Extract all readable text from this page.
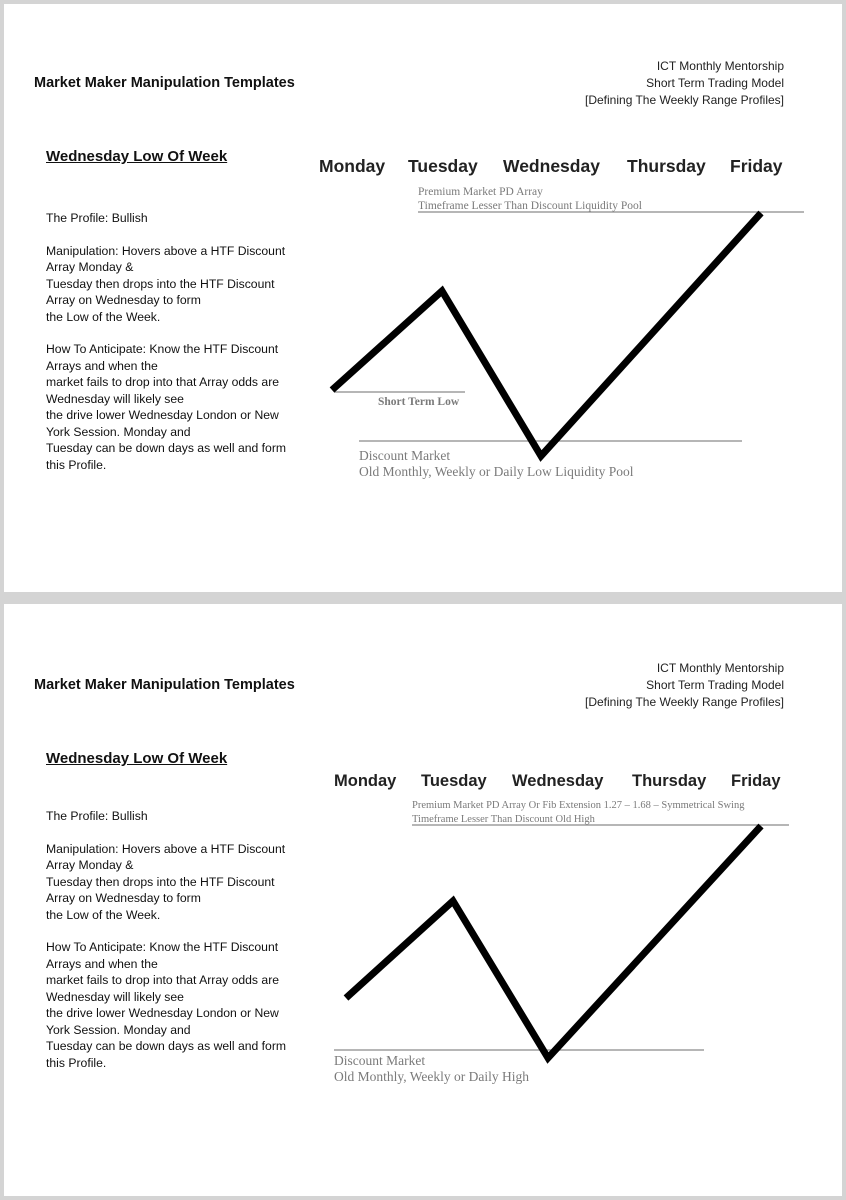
Market Maker Manipulation Templates
ICT Monthly Mentorship
Short Term Trading Model
[Defining The Weekly Range Profiles]
Wednesday Low Of Week
The Profile: Bullish
Manipulation: Hovers above a HTF Discount
Array Monday &
Tuesday then drops into the HTF Discount
Array on Wednesday to form
the Low of the Week.
How To Anticipate: Know the HTF Discount
Arrays and when the
market fails to drop into that Array odds are
Wednesday will likely see
the drive lower Wednesday London or New
York Session. Monday and
Tuesday can be down days as well and form
this Profile.
Monday Tuesday Wednesday Thursday Friday
Premium Market PD Array
Timeframe Lesser Than Discount Liquidity Pool
Short Term Low
Discount Market
Old Monthly, Weekly or Daily Low Liquidity Pool
Market Maker Manipulation Templates
ICT Monthly Mentorship
Short Term Trading Model
[Defining The Weekly Range Profiles]
Wednesday Low Of Week
The Profile: Bullish
Manipulation: Hovers above a HTF Discount
Array Monday &
Tuesday then drops into the HTF Discount
Array on Wednesday to form
the Low of the Week.
How To Anticipate: Know the HTF Discount
Arrays and when the
market fails to drop into that Array odds are
Wednesday will likely see
the drive lower Wednesday London or New
York Session. Monday and
Tuesday can be down days as well and form
this Profile.
Monday Tuesday Wednesday Thursday Friday
Premium Market PD Array Or Fib Extension 1.27 – 1.68 – Symmetrical Swing
Timeframe Lesser Than Discount Old High
Discount Market
Old Monthly, Weekly or Daily High
